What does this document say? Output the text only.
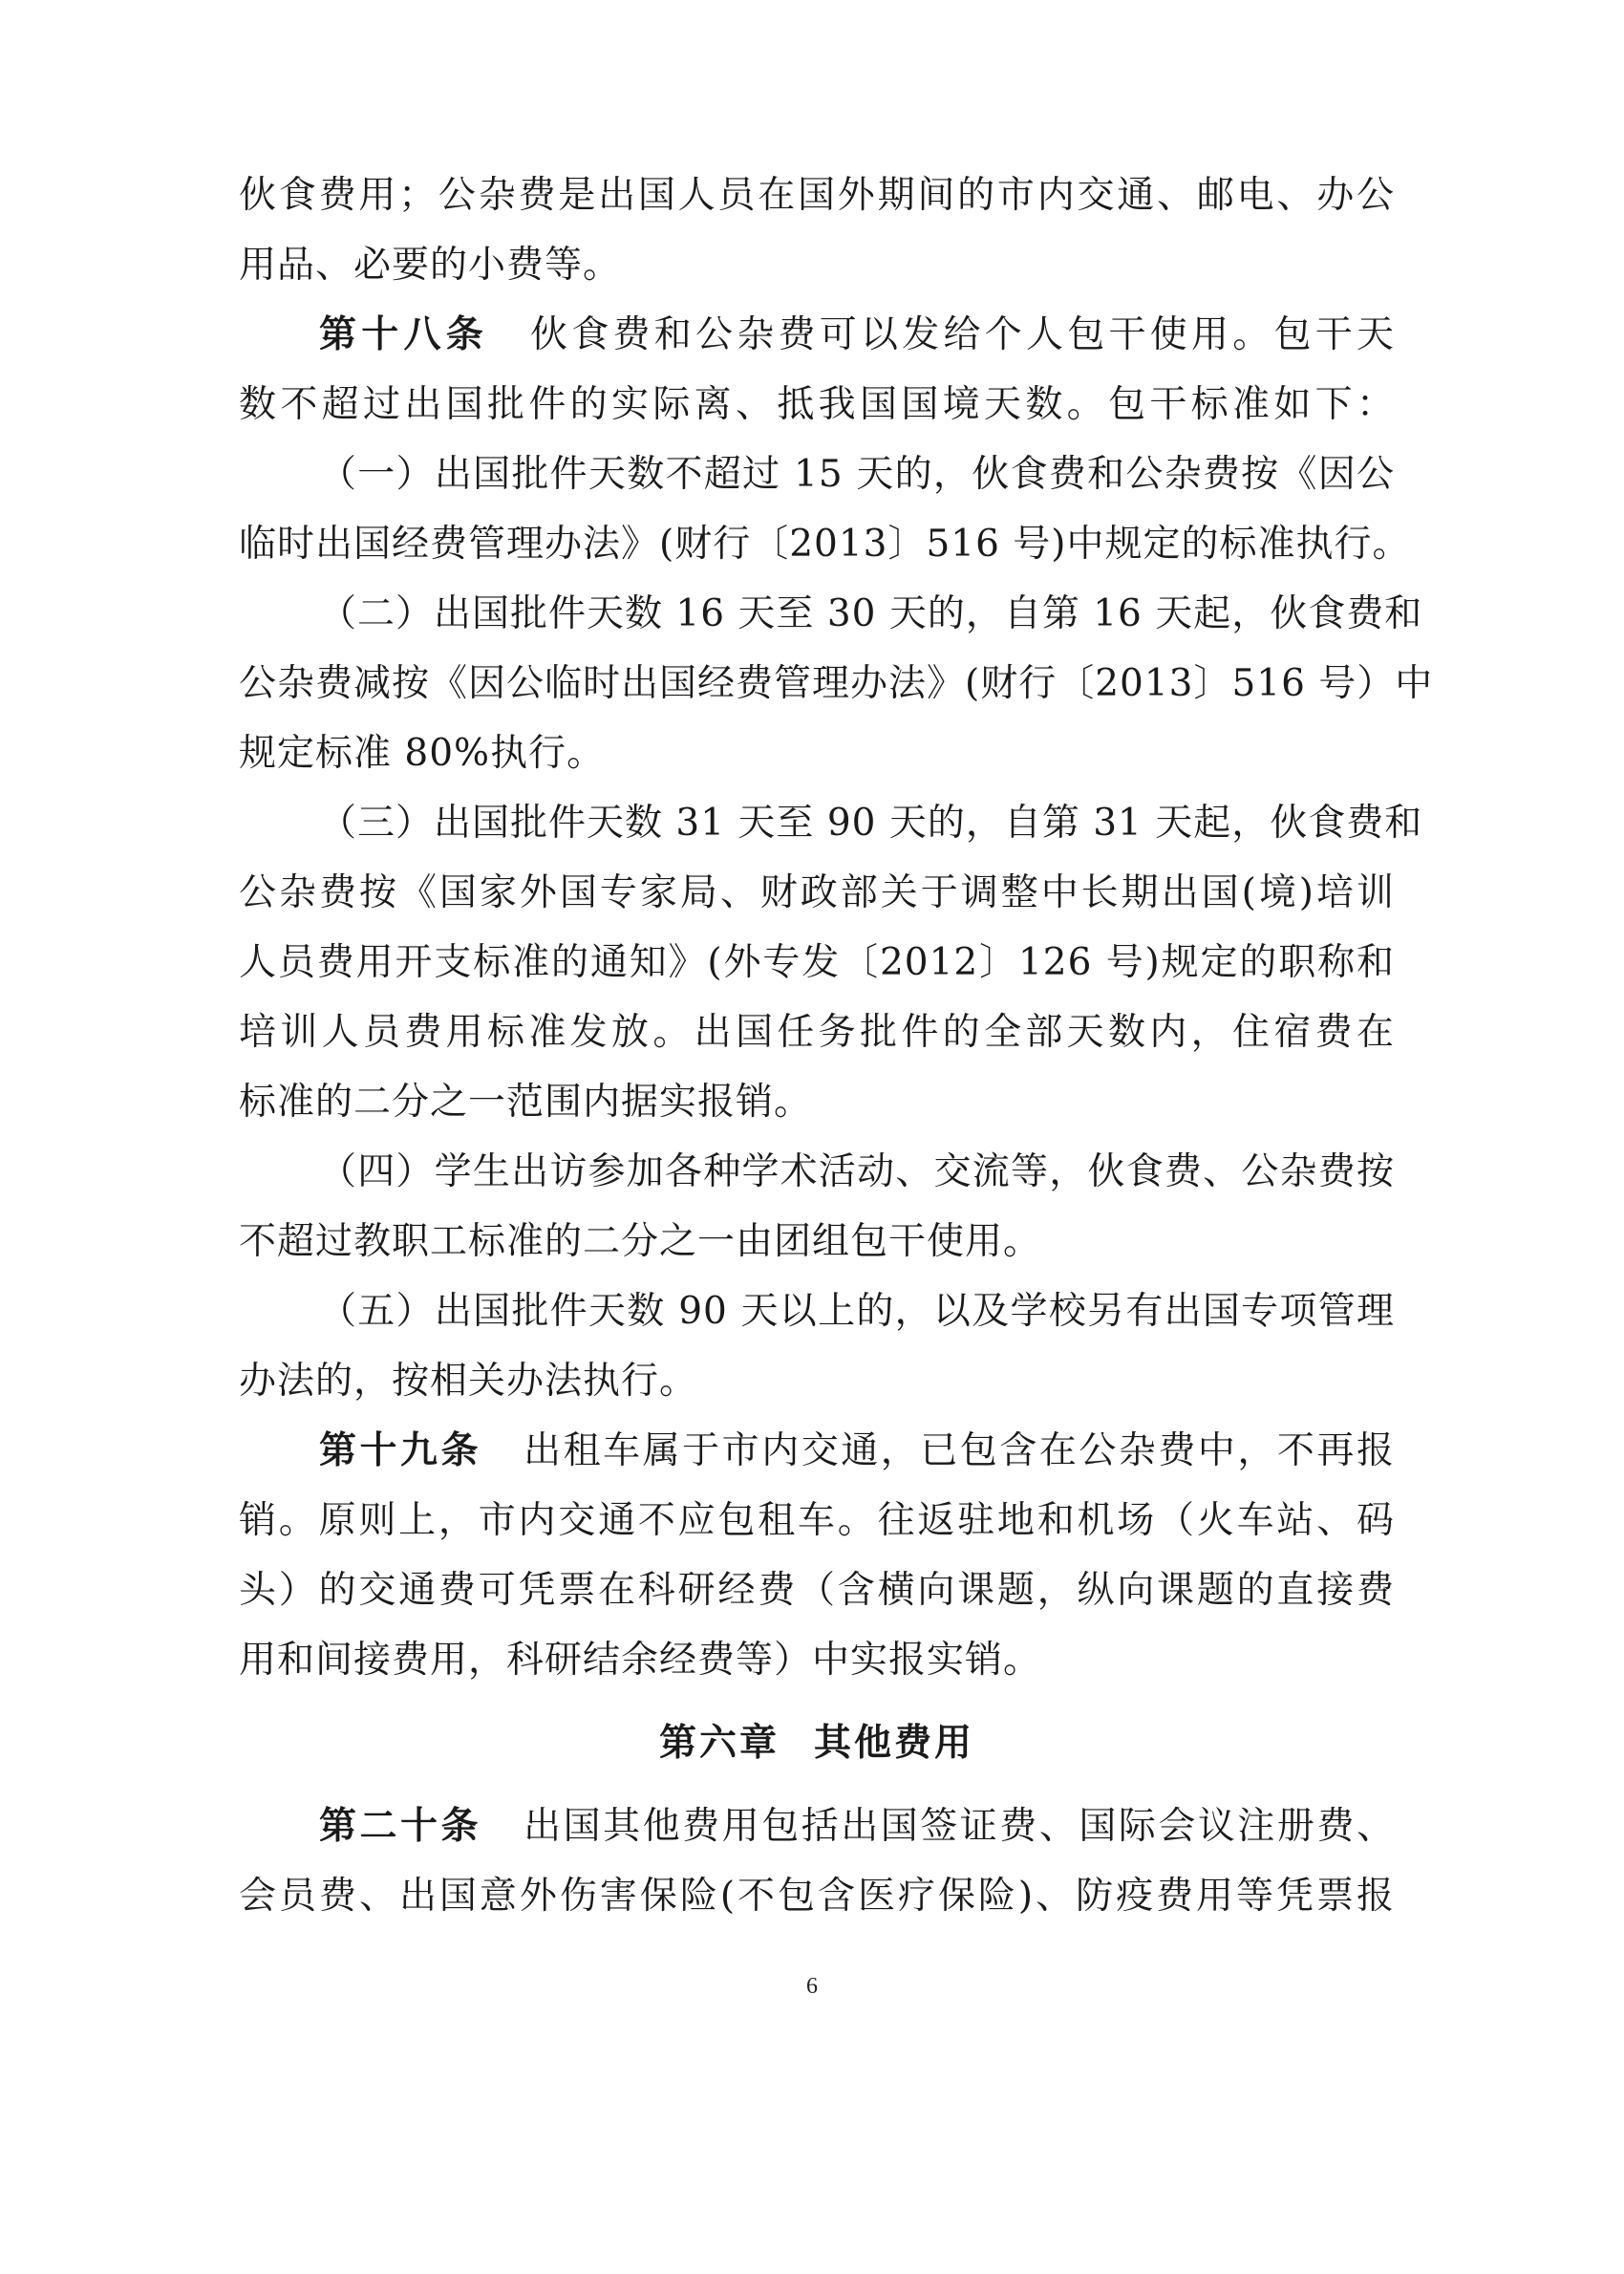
伙食费用；公杂费是出国人员在国外期间的市内交通、邮电、办公
用品、必要的小费等。
第十八条 伙食费和公杂费可以发给个人包干使用。包干天
数不超过出国批件的实际离、抵我国国境天数。包干标准如下：
（一）出国批件天数不超过 15 天的，伙食费和公杂费按《因公
临时出国经费管理办法》(财行〔2013〕516 号)中规定的标准执行。
（二）出国批件天数 16 天至 30 天的，自第 16 天起，伙食费和
公杂费减按《因公临时出国经费管理办法》(财行〔2013〕516 号）中
规定标准 80%执行。
（三）出国批件天数 31 天至 90 天的，自第 31 天起，伙食费和
公杂费按《国家外国专家局、财政部关于调整中长期出国(境)培训
人员费用开支标准的通知》(外专发〔2012〕126 号)规定的职称和
培训人员费用标准发放。出国任务批件的全部天数内，住宿费在
标准的二分之一范围内据实报销。
（四）学生出访参加各种学术活动、交流等，伙食费、公杂费按
不超过教职工标准的二分之一由团组包干使用。
（五）出国批件天数 90 天以上的，以及学校另有出国专项管理
办法的，按相关办法执行。
第十九条 出租车属于市内交通，已包含在公杂费中，不再报
销。原则上，市内交通不应包租车。往返驻地和机场（火车站、码
头）的交通费可凭票在科研经费（含横向课题，纵向课题的直接费
用和间接费用，科研结余经费等）中实报实销。
第六章 其他费用
第二十条 出国其他费用包括出国签证费、国际会议注册费、
会员费、出国意外伤害保险(不包含医疗保险)、防疫费用等凭票报
6
